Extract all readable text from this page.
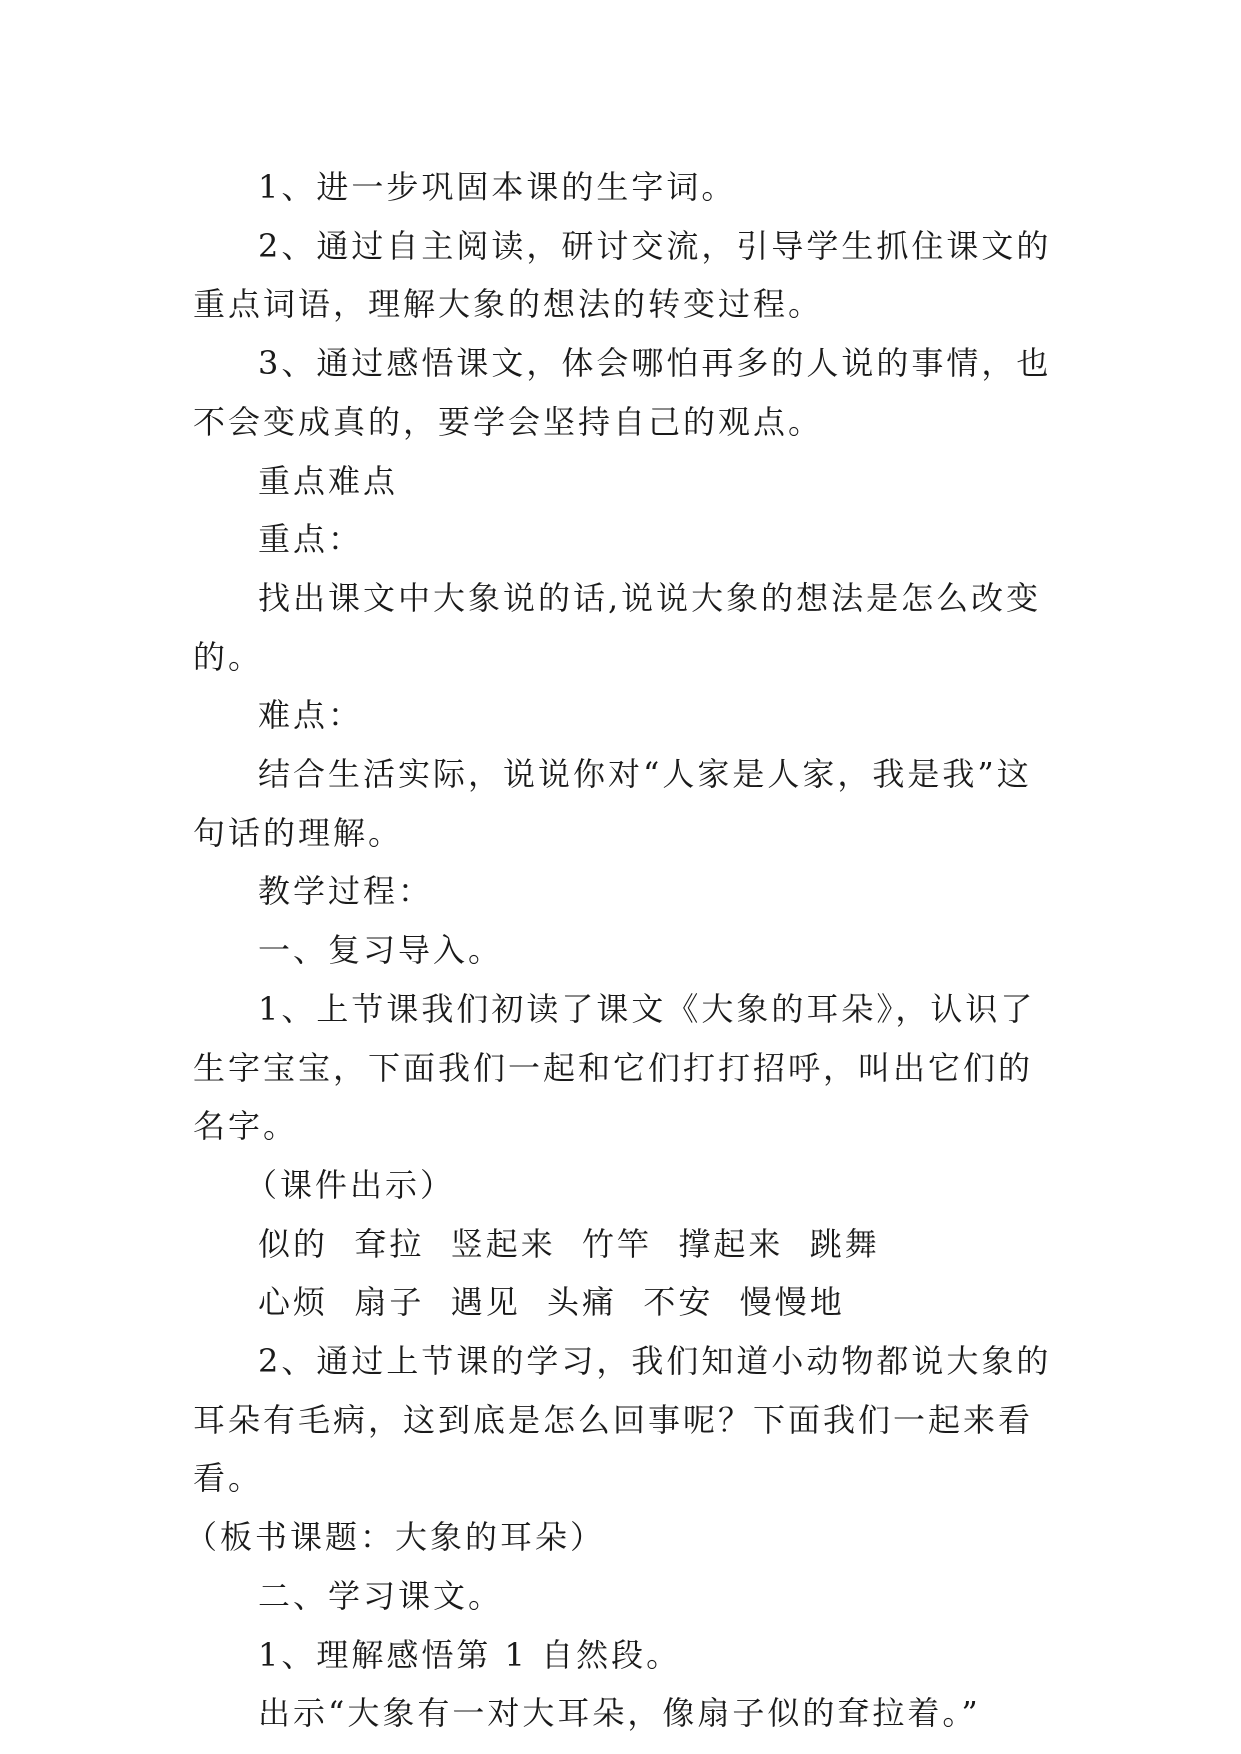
1、进一步巩固本课的生字词。

2、通过自主阅读，研讨交流，引导学生抓住课文的重点词语，理解大象的想法的转变过程。

3、通过感悟课文，体会哪怕再多的人说的事情，也不会变成真的，要学会坚持自己的观点。

重点难点

重点：

找出课文中大象说的话,说说大象的想法是怎么改变的。

难点：

结合生活实际，说说你对“人家是人家，我是我”这句话的理解。

教学过程：

一、复习导入。

1、上节课我们初读了课文《大象的耳朵》，认识了生字宝宝，下面我们一起和它们打打招呼，叫出它们的名字。

（课件出示）

似的  耷拉  竖起来  竹竿  撑起来  跳舞

心烦  扇子  遇见  头痛  不安  慢慢地

2、通过上节课的学习，我们知道小动物都说大象的耳朵有毛病，这到底是怎么回事呢？下面我们一起来看看。

（板书课题：大象的耳朵）

二、学习课文。

1、理解感悟第 1 自然段。

出示“大象有一对大耳朵，像扇子似的耷拉着。”
